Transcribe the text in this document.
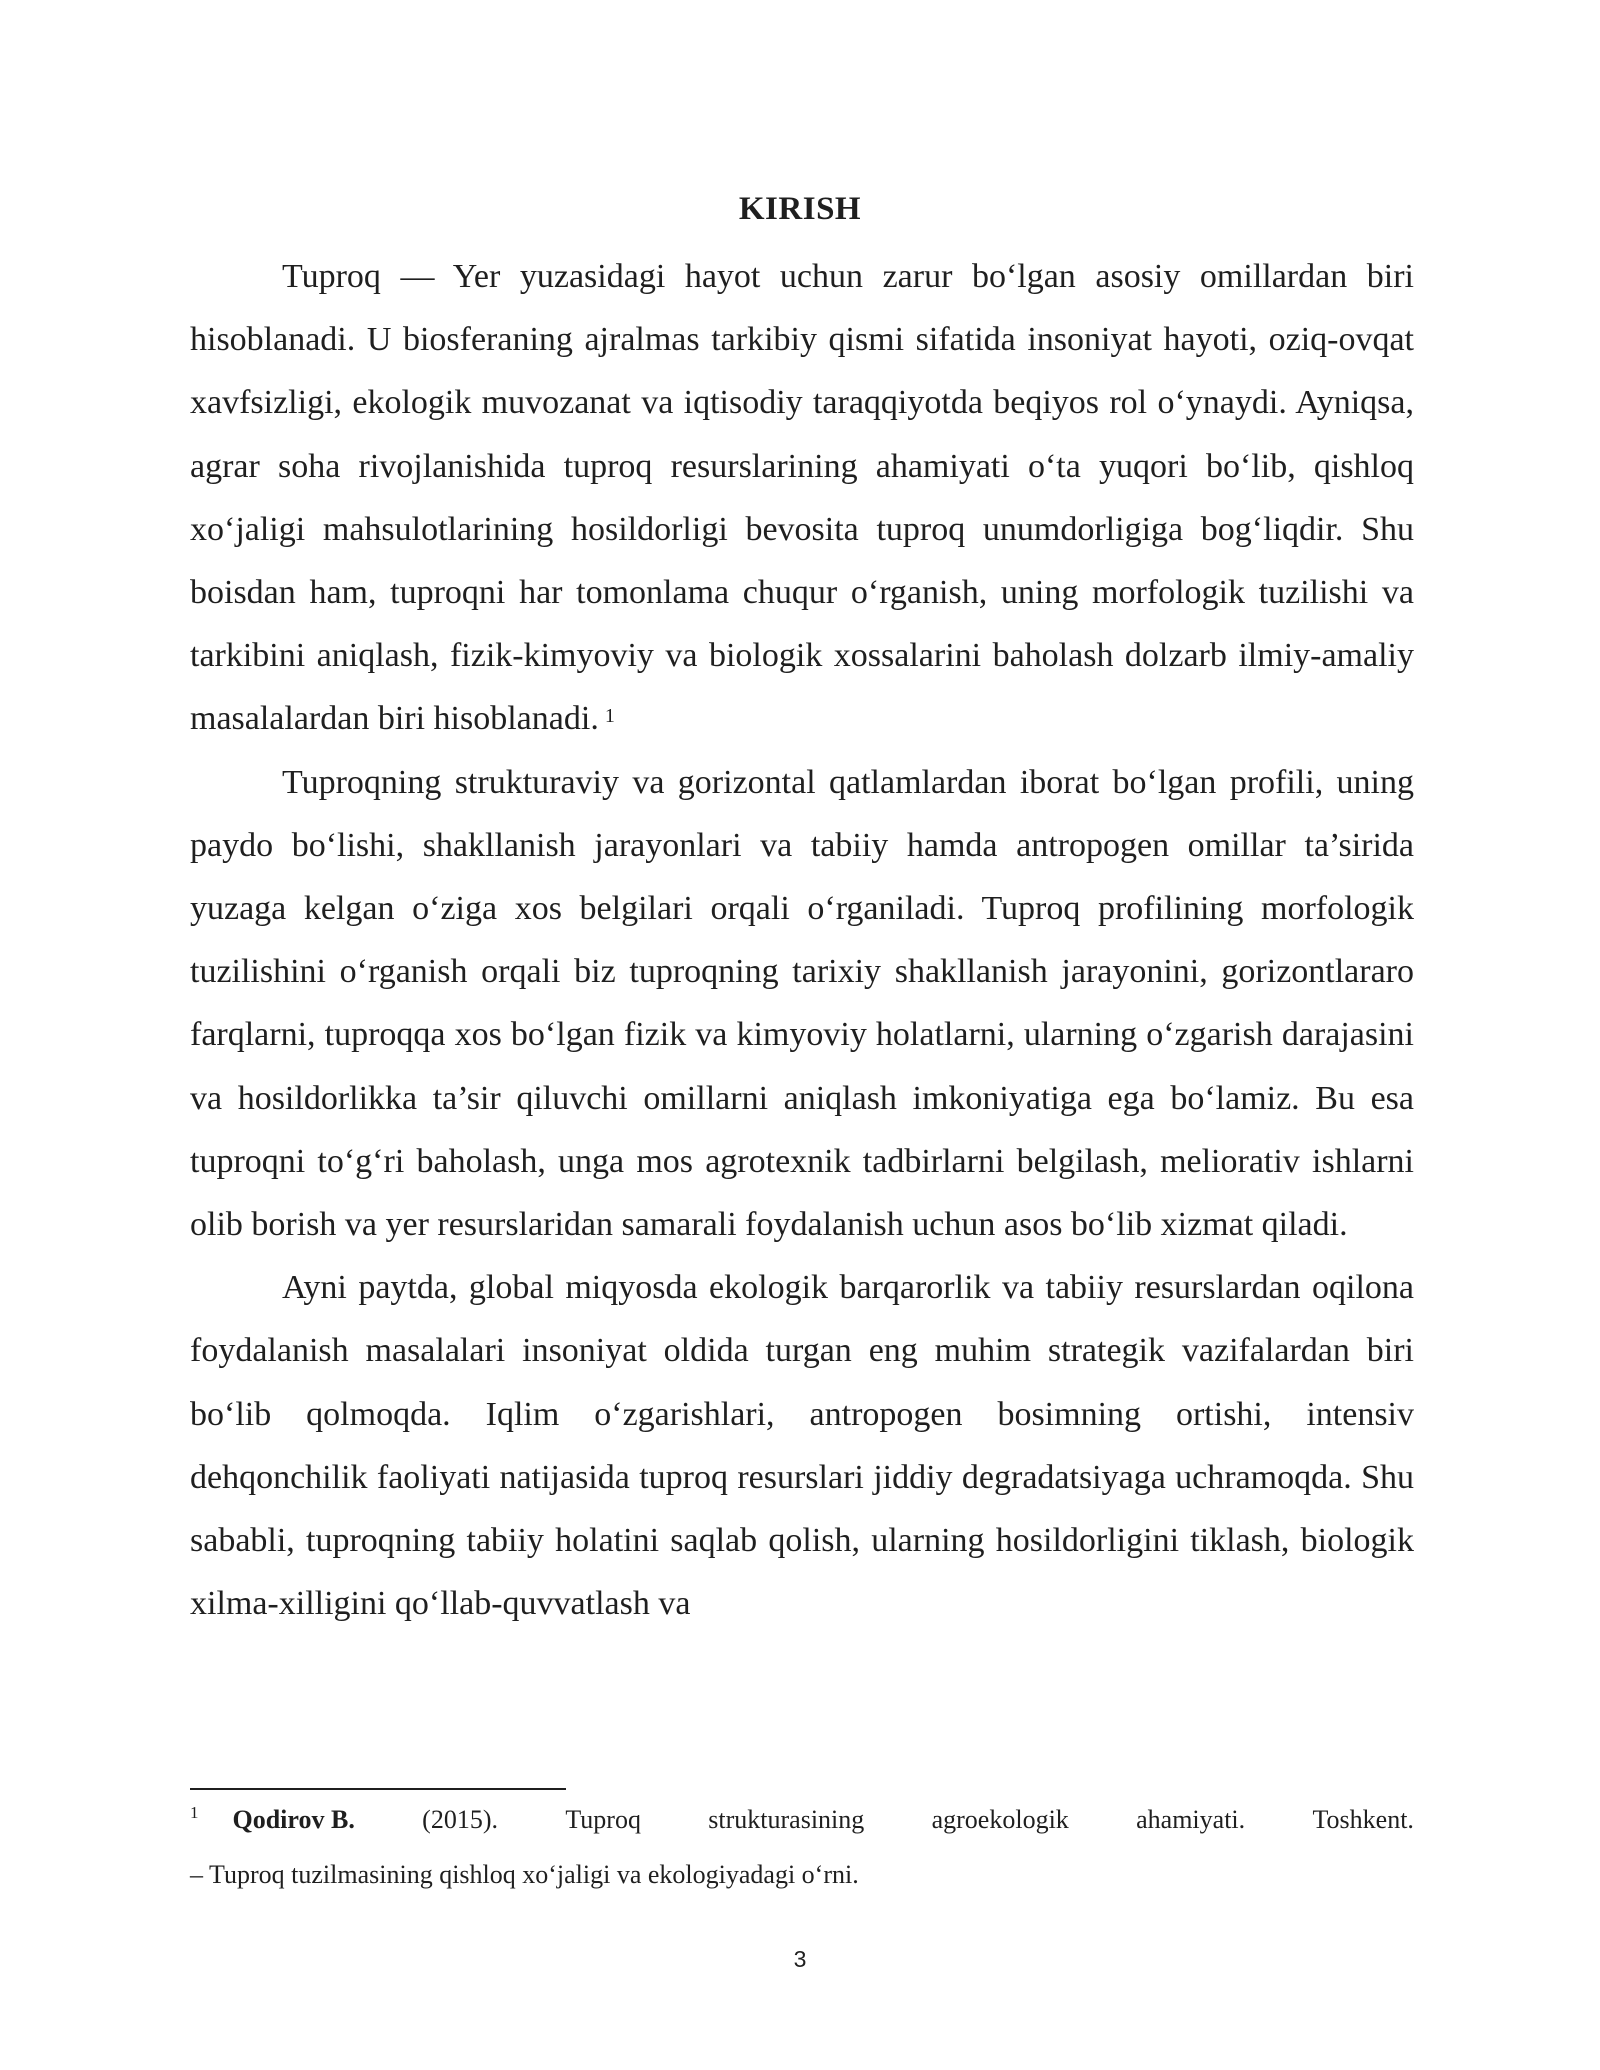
KIRISH

Tuproq — Yer yuzasidagi hayot uchun zarur bo‘lgan asosiy omillardan biri hisoblanadi. U biosferaning ajralmas tarkibiy qismi sifatida insoniyat hayoti, oziq-ovqat xavfsizligi, ekologik muvozanat va iqtisodiy taraqqiyotda beqiyos rol o‘ynaydi. Ayniqsa, agrar soha rivojlanishida tuproq resurslarining ahamiyati o‘ta yuqori bo‘lib, qishloq xo‘jaligi mahsulotlarining hosildorligi bevosita tuproq unumdorligiga bog‘liqdir. Shu boisdan ham, tuproqni har tomonlama chuqur o‘rganish, uning morfologik tuzilishi va tarkibini aniqlash, fizik-kimyoviy va biologik xossalarini baholash dolzarb ilmiy-amaliy masalalardan biri hisoblanadi. $^1$

Tuproqning strukturaviy va gorizontal qatlamlardan iborat bo‘lgan profili, uning paydo bo‘lishi, shakllanish jarayonlari va tabiiy hamda antropogen omillar ta’sirida yuzaga kelgan o‘ziga xos belgilari orqali o‘rganiladi. Tuproq profilining morfologik tuzilishini o‘rganish orqali biz tuproqning tarixiy shakllanish jarayonini, gorizontlararo farqlarni, tuproqqa xos bo‘lgan fizik va kimyoviy holatlarni, ularning o‘zgarish darajasini va hosildorlikka ta’sir qiluvchi omillarni aniqlash imkoniyatiga ega bo‘lamiz. Bu esa tuproqni to‘g‘ri baholash, unga mos agrotexnik tadbirlarni belgilash, meliorativ ishlarni olib borish va yer resurslaridan samarali foydalanish uchun asos bo‘lib xizmat qiladi.

Ayni paytda, global miqyosda ekologik barqarorlik va tabiiy resurslardan oqilona foydalanish masalalari insoniyat oldida turgan eng muhim strategik vazifalardan biri bo‘lib qolmoqda. Iqlim o‘zgarishlari, antropogen bosimning ortishi, intensiv dehqonchilik faoliyati natijasida tuproq resurslari jiddiy degradatsiyaga uchramoqda. Shu sababli, tuproqning tabiiy holatini saqlab qolish, ularning hosildorligini tiklash, biologik xilma-xilligini qo‘llab-quvvatlash va

$^1$ Qodirov B.	(2015).	Tuproq	strukturasining	agroekologik	ahamiyati.	Toshkent.
– Tuproq tuzilmasining qishloq xo‘jaligi va ekologiyadagi o‘rni.
3
